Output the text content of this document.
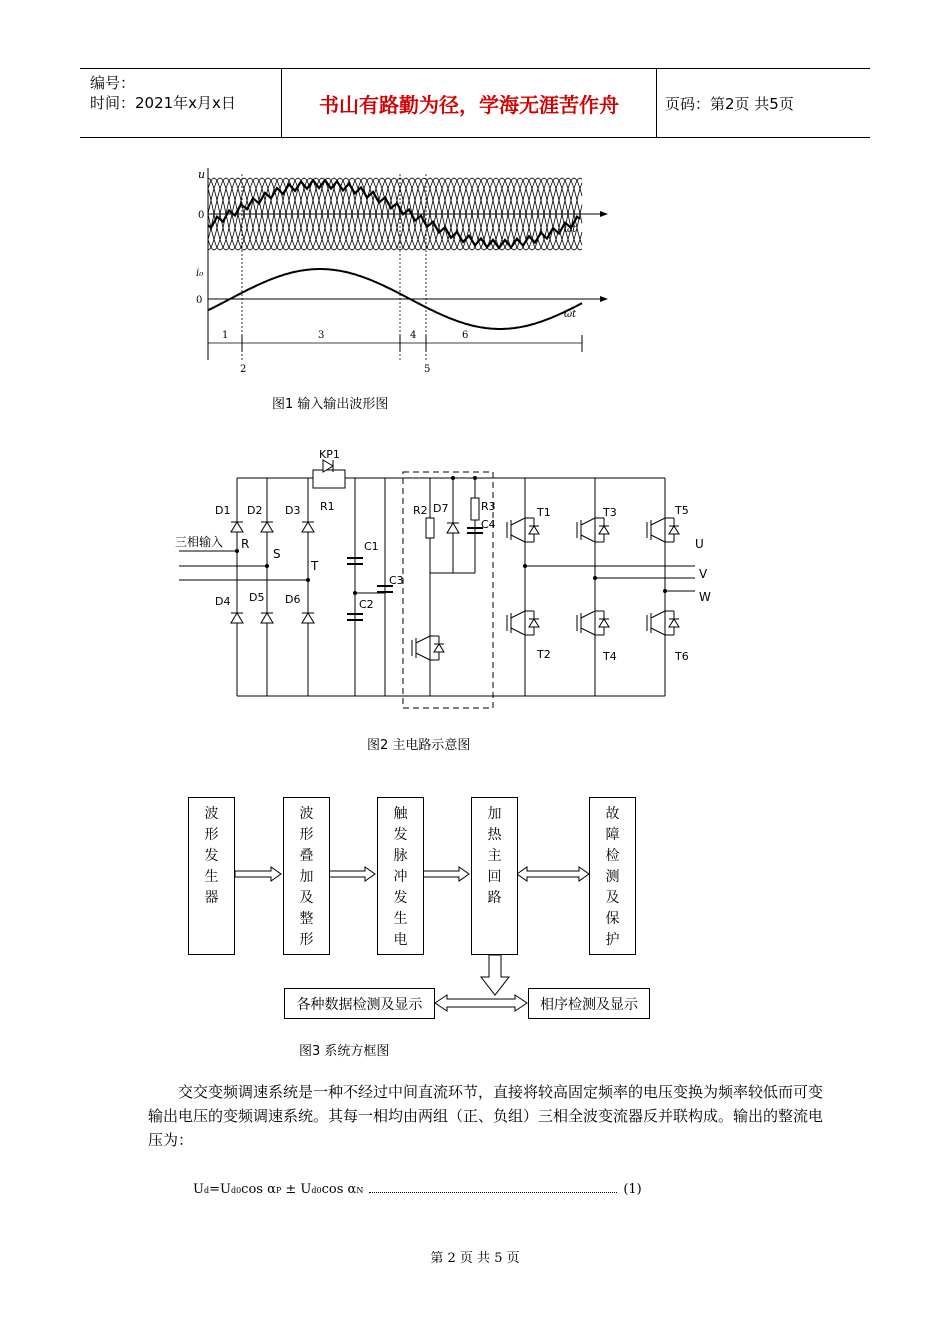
编号：
时间：2021年x月x日	书山有路勤为径，学海无涯苦作舟	页码：第2页 共5页
u
0
ωt
i₀
0
ωt
1	3	4	6
2	5
图1 输入输出波形图
KP1
R1	R2	R3
C4
C1
C2
C3
D1 D2 D3
D4 D5 D6
D7	T1
T2
T3
T4
T5
T6
三相输入 R
S
T
U
V
W
图2 主电路示意图
波
形
发
生
器
波
形
叠
加
及
整
形
触
发
脉
冲
发
生
电
加
热
主
回
路
故
障
检
测
及
保
护
各种数据检测及显示	相序检测及显示
图3 系统方框图
交交变频调速系统是一种不经过中间直流环节，直接将较高固定频率的电压变换为频率较低而可变输出电压的变频调速系统。其每一相均由两组（正、负组）三相全波变流器反并联构成。输出的整流电压为：
U d =U d0 cos α P ± U d0 cos α N	(1)
第 2 页 共 5 页
